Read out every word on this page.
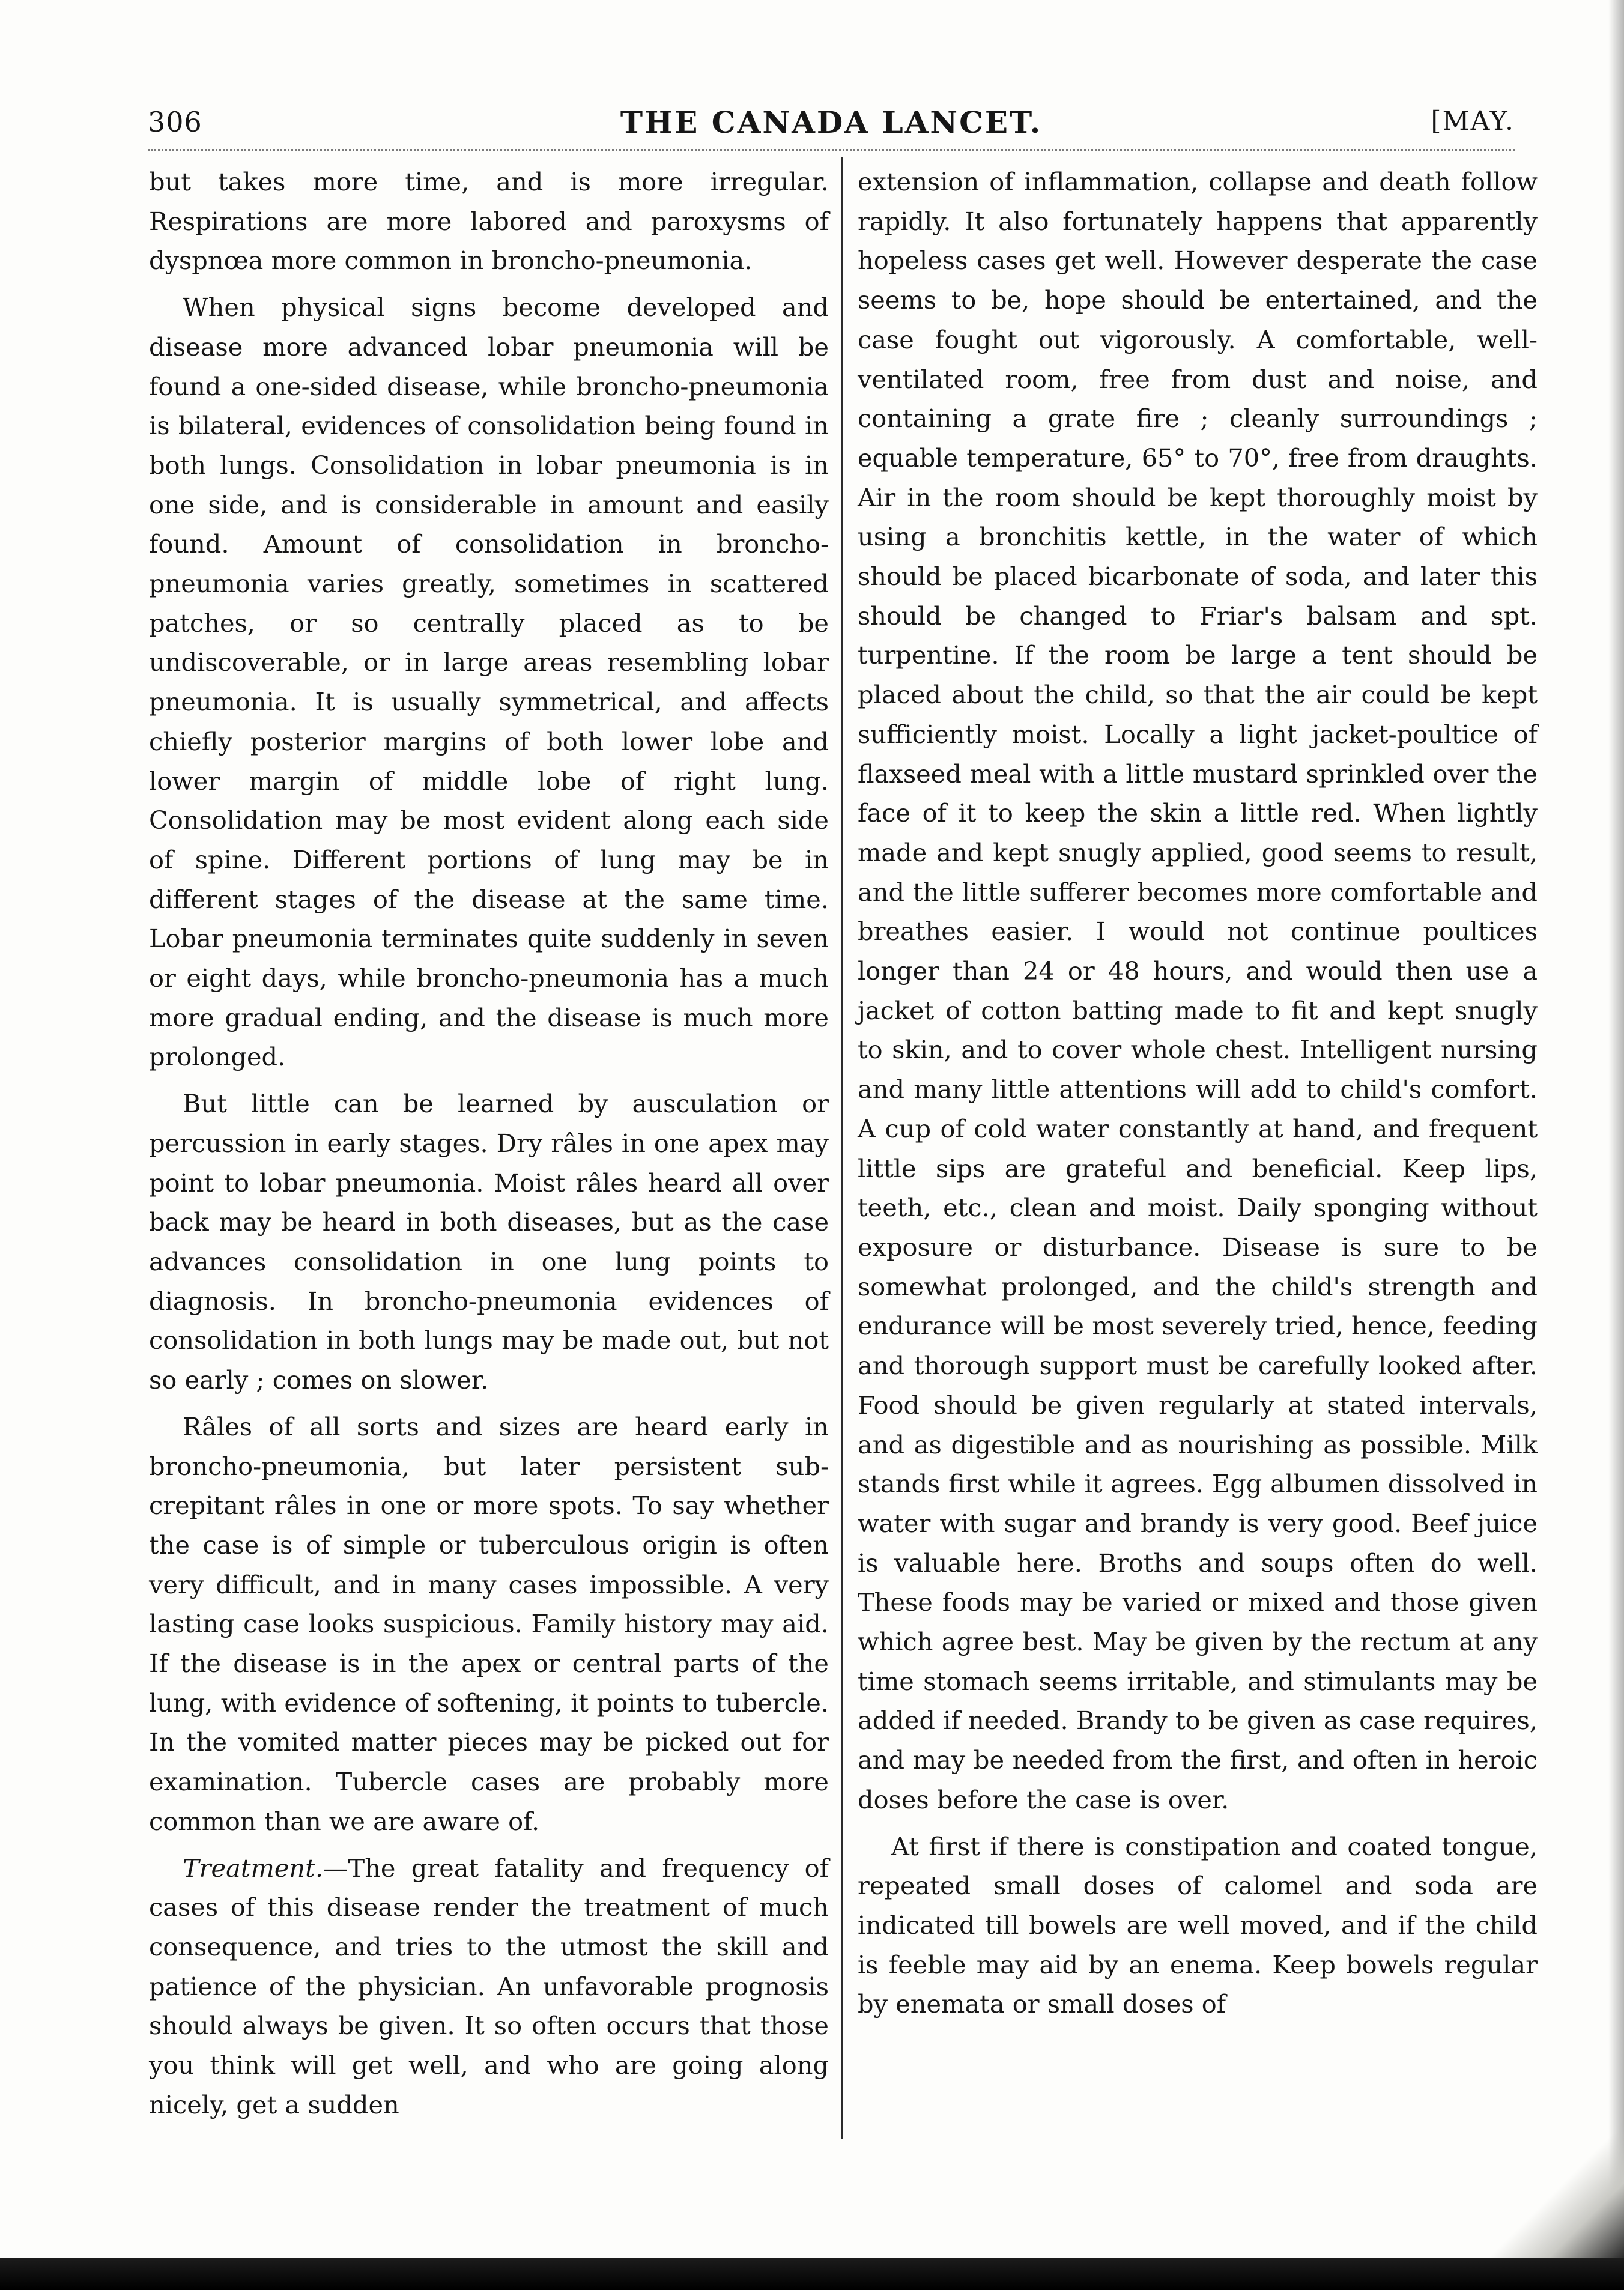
306	THE CANADA LANCET.	[MAY.

but takes more time, and is more irregular. Respirations are more labored and paroxysms of dyspnœa more common in broncho-pneumonia.

When physical signs become developed and disease more advanced lobar pneumonia will be found a one-sided disease, while broncho-pneumonia is bilateral, evidences of consolidation being found in both lungs. Consolidation in lobar pneumonia is in one side, and is considerable in amount and easily found. Amount of consolidation in broncho-pneumonia varies greatly, sometimes in scattered patches, or so centrally placed as to be undiscoverable, or in large areas resembling lobar pneumonia. It is usually symmetrical, and affects chiefly posterior margins of both lower lobe and lower margin of middle lobe of right lung. Consolidation may be most evident along each side of spine. Different portions of lung may be in different stages of the disease at the same time. Lobar pneumonia terminates quite suddenly in seven or eight days, while broncho-pneumonia has a much more gradual ending, and the disease is much more prolonged.

But little can be learned by ausculation or percussion in early stages. Dry râles in one apex may point to lobar pneumonia. Moist râles heard all over back may be heard in both diseases, but as the case advances consolidation in one lung points to diagnosis. In broncho-pneumonia evidences of consolidation in both lungs may be made out, but not so early ; comes on slower.

Râles of all sorts and sizes are heard early in broncho-pneumonia, but later persistent sub-crepitant râles in one or more spots. To say whether the case is of simple or tuberculous origin is often very difficult, and in many cases impossible. A very lasting case looks suspicious. Family history may aid. If the disease is in the apex or central parts of the lung, with evidence of softening, it points to tubercle. In the vomited matter pieces may be picked out for examination. Tubercle cases are probably more common than we are aware of.

Treatment.—The great fatality and frequency of cases of this disease render the treatment of much consequence, and tries to the utmost the skill and patience of the physician. An unfavorable prognosis should always be given. It so often occurs that those you think will get well, and who are going along nicely, get a sudden

extension of inflammation, collapse and death follow rapidly. It also fortunately happens that apparently hopeless cases get well. However desperate the case seems to be, hope should be entertained, and the case fought out vigorously. A comfortable, well-ventilated room, free from dust and noise, and containing a grate fire ; cleanly surroundings ; equable temperature, 65° to 70°, free from draughts. Air in the room should be kept thoroughly moist by using a bronchitis kettle, in the water of which should be placed bicarbonate of soda, and later this should be changed to Friar's balsam and spt. turpentine. If the room be large a tent should be placed about the child, so that the air could be kept sufficiently moist. Locally a light jacket-poultice of flaxseed meal with a little mustard sprinkled over the face of it to keep the skin a little red. When lightly made and kept snugly applied, good seems to result, and the little sufferer becomes more comfortable and breathes easier. I would not continue poultices longer than 24 or 48 hours, and would then use a jacket of cotton batting made to fit and kept snugly to skin, and to cover whole chest. Intelligent nursing and many little attentions will add to child's comfort. A cup of cold water constantly at hand, and frequent little sips are grateful and beneficial. Keep lips, teeth, etc., clean and moist. Daily sponging without exposure or disturbance. Disease is sure to be somewhat prolonged, and the child's strength and endurance will be most severely tried, hence, feeding and thorough support must be carefully looked after. Food should be given regularly at stated intervals, and as digestible and as nourishing as possible. Milk stands first while it agrees. Egg albumen dissolved in water with sugar and brandy is very good. Beef juice is valuable here. Broths and soups often do well. These foods may be varied or mixed and those given which agree best. May be given by the rectum at any time stomach seems irritable, and stimulants may be added if needed. Brandy to be given as case requires, and may be needed from the first, and often in heroic doses before the case is over.

At first if there is constipation and coated tongue, repeated small doses of calomel and soda are indicated till bowels are well moved, and if the child is feeble may aid by an enema. Keep bowels regular by enemata or small doses of
